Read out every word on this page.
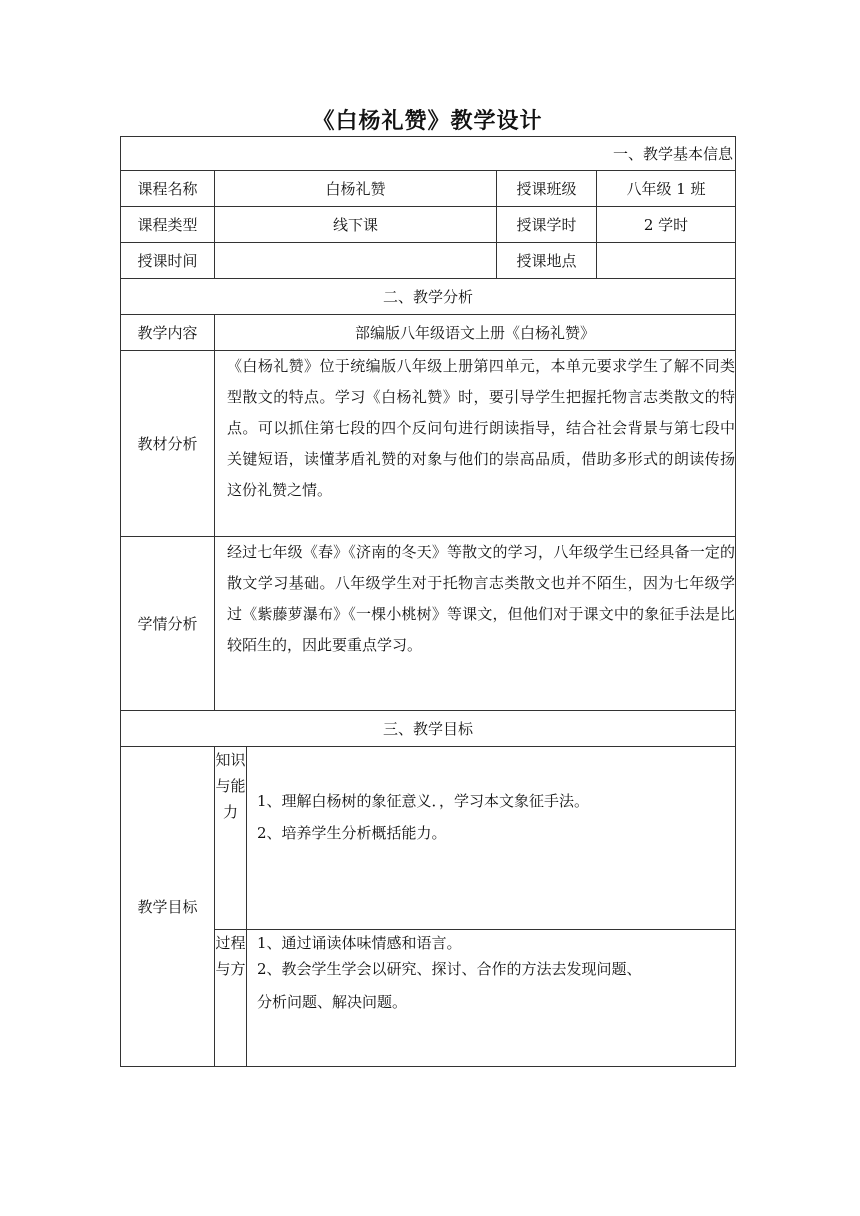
《白杨礼赞》教学设计
一、教学基本信息				
课程名称	白杨礼赞		授课班级	八年级 1 班
课程类型	线下课		授课学时	2 学时
授课时间			授课地点	
二、教学分析				
教学内容	部编版八年级语文上册《白杨礼赞》			
教材分析	《白杨礼赞》位于统编版八年级上册第四单元，本单元要求学生了解不同类型散文的特点。学习《白杨礼赞》时，要引导学生把握托物言志类散文的特点。可以抓住第七段的四个反问句进行朗读指导，结合社会背景与第七段中关键短语，读懂茅盾礼赞的对象与他们的崇高品质，借助多形式的朗读传扬这份礼赞之情。			
学情分析	经过七年级《春》《济南的冬天》等散文的学习，八年级学生已经具备一定的散文学习基础。八年级学生对于托物言志类散文也并不陌生，因为七年级学过《紫藤萝瀑布》《一棵小桃树》等课文，但他们对于课文中的象征手法是比较陌生的，因此要重点学习。			
三、教学目标				
教学目标	知识
与能
力	1、理解白杨树的象征意义．，学习本文象征手法。
2、培养学生分析概括能力。		

	过程
与方	1、通过诵读体味情感和语言。
2、教会学生学会以研究、探讨、合作的方法去发现问题、
分析问题、解决问题。		
